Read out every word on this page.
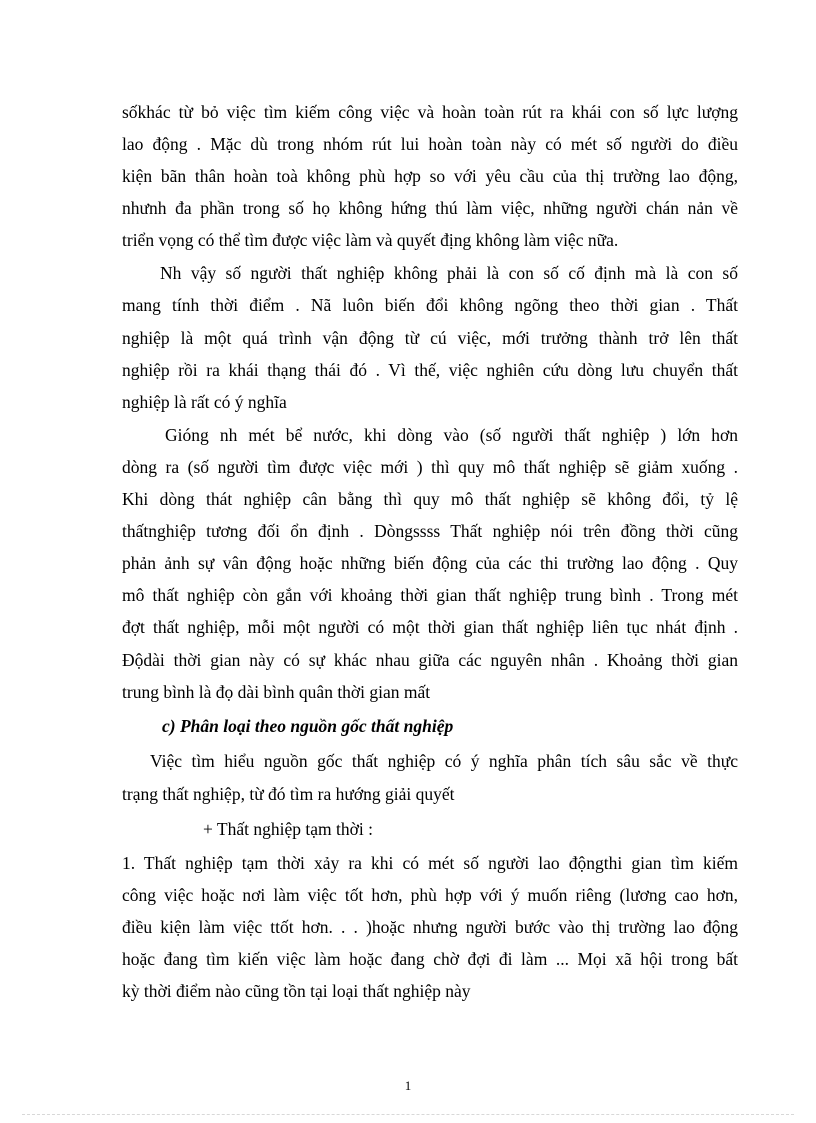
sốkhác từ bỏ việc tìm kiếm công việc và hoàn toàn rút ra khái con số lực lượng
lao động . Mặc dù trong nhóm rút lui hoàn toàn này có mét số người do điều
kiện bãn thân hoàn toà không phù hợp so với yêu cầu của thị trường lao động,
nhưnh đa phần trong số họ không hứng thú làm việc, những người chán nản về
triển vọng có thể tìm được việc làm và quyết địng không làm việc nữa.
Nh vậy số người thất nghiệp không phải là con số cố định mà là con số
mang tính thời điểm . Nã luôn biến đổi không ngõng theo thời gian . Thất
nghiệp là một quá trình vận động từ cú việc, mới trưởng thành trở lên thất
nghiệp rồi ra khái thạng thái đó . Vì thế, việc nghiên cứu dòng lưu chuyển thất
nghiệp là rất có ý nghĩa
Gióng nh mét bể nước, khi dòng vào (số người thất nghiệp ) lớn hơn
dòng ra (số người tìm được việc mới ) thì quy mô thất nghiệp sẽ giảm xuống .
Khi dòng thát nghiệp cân bằng thì quy mô thất nghiệp sẽ không đổi, tỷ lệ
thấtnghiệp tương đối ổn định . Dòngssss Thất nghiệp nói trên đồng thời cũng
phản ảnh sự vân động hoặc những biến động của các thi trường lao động . Quy
mô thất nghiệp còn gắn với khoảng thời gian thất nghiệp trung bình . Trong mét
đợt thất nghiệp, mỗi một người có một thời gian thất nghiệp liên tục nhát định .
Độdài thời gian này có sự khác nhau giữa các nguyên nhân . Khoảng thời gian
trung bình là đọ dài bình quân thời gian mất
c) Phân loại theo nguồn gốc thất nghiệp
Việc tìm hiểu nguồn gốc thất nghiệp có ý nghĩa phân tích sâu sắc về thực
trạng thất nghiệp, từ đó tìm ra hướng giải quyết
+ Thất nghiệp tạm thời :
1. Thất nghiệp tạm thời xảy ra khi có mét số người lao độngthi gian tìm kiếm
công việc hoặc nơi làm việc tốt hơn, phù hợp với ý muốn riêng (lương cao hơn,
điều kiện làm việc ttốt hơn. . . )hoặc nhưng người bước vào thị trường lao động
hoặc đang tìm kiến việc làm hoặc đang chờ đợi đi làm ... Mọi xã hội trong bất
kỳ thời điểm nào cũng tồn tại loại thất nghiệp này
1
